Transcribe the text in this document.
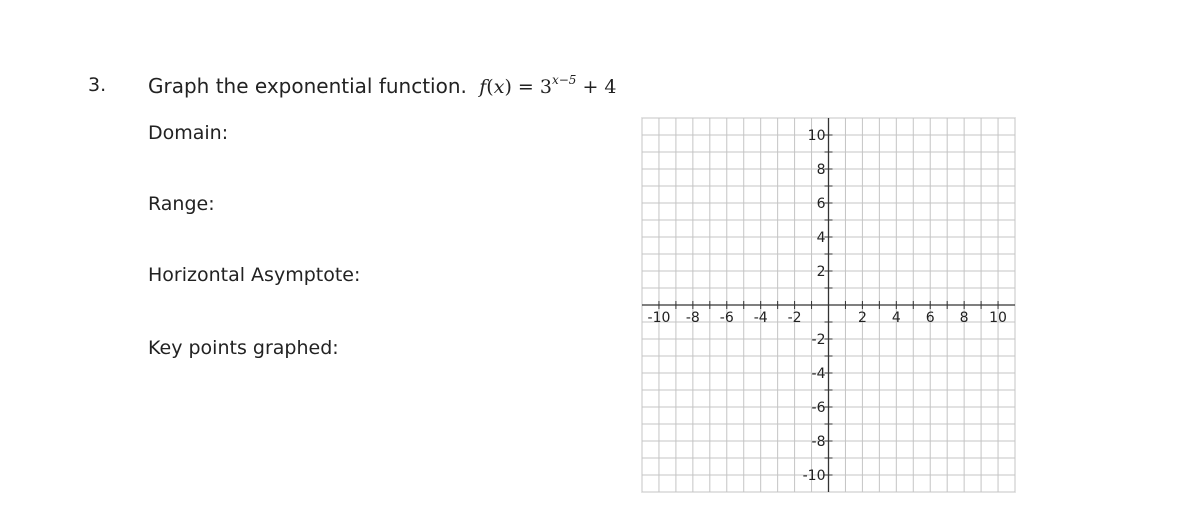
3. Graph the exponential function. $f(x) = 3^{x-5} + 4$
Domain:
Range:
Horizontal Asymptote:
Key points graphed:
-10 -8 -6 -4 -2	2 4 6 8 10
10
8
6
4
2
-2
-4
-6
-8
-10
